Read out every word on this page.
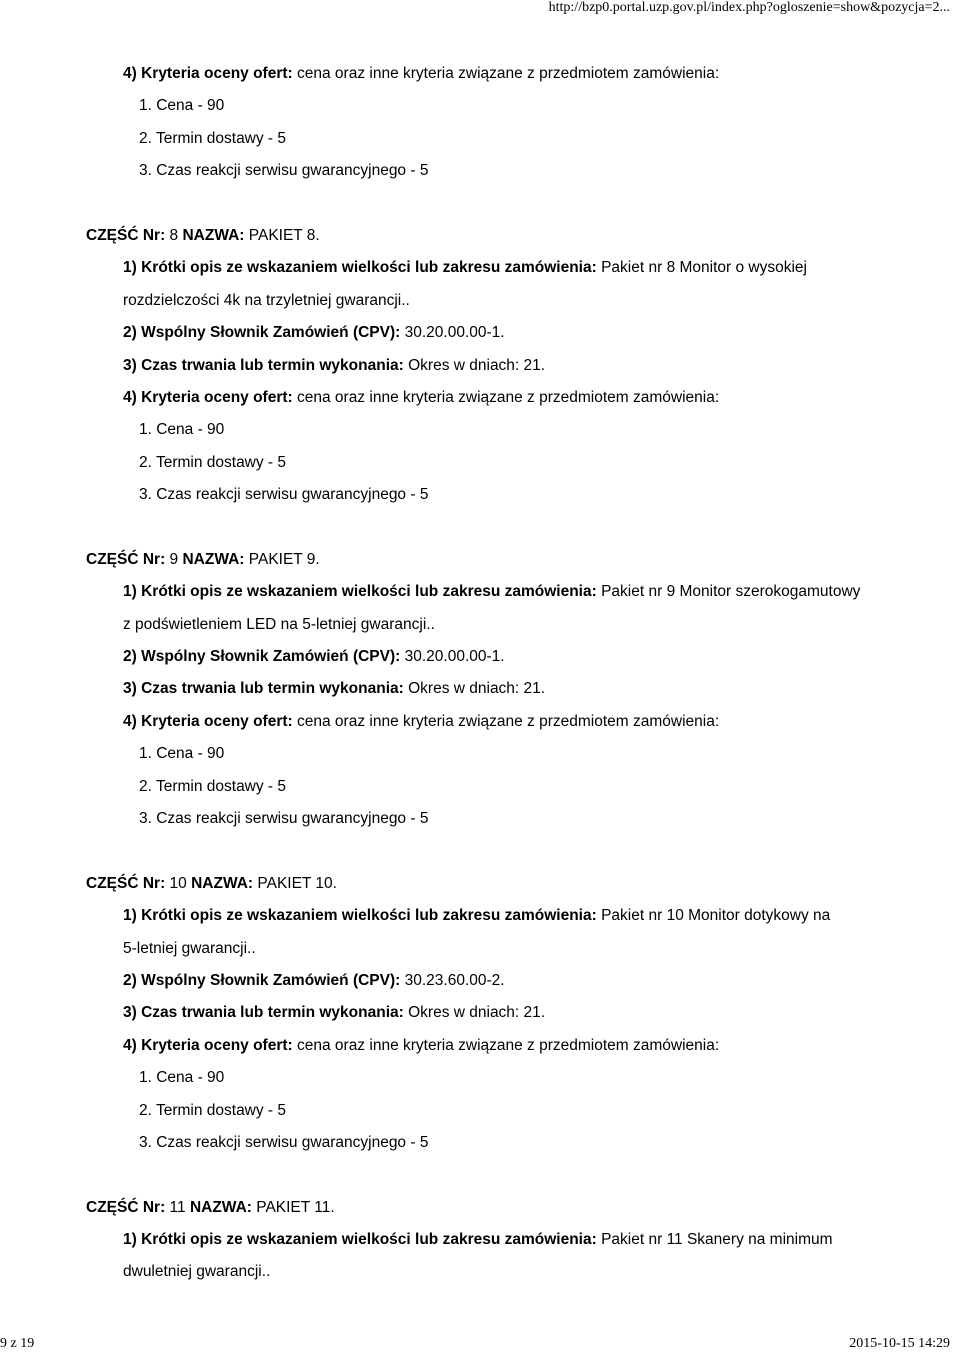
http://bzp0.portal.uzp.gov.pl/index.php?ogloszenie=show&pozycja=2...
4) Kryteria oceny ofert: cena oraz inne kryteria związane z przedmiotem zamówienia:
1. Cena - 90
2. Termin dostawy - 5
3. Czas reakcji serwisu gwarancyjnego - 5
CZĘŚĆ Nr: 8 NAZWA: PAKIET 8.
1) Krótki opis ze wskazaniem wielkości lub zakresu zamówienia: Pakiet nr 8 Monitor o wysokiej
rozdzielczości 4k na trzyletniej gwarancji..
2) Wspólny Słownik Zamówień (CPV): 30.20.00.00-1.
3) Czas trwania lub termin wykonania: Okres w dniach: 21.
4) Kryteria oceny ofert: cena oraz inne kryteria związane z przedmiotem zamówienia:
1. Cena - 90
2. Termin dostawy - 5
3. Czas reakcji serwisu gwarancyjnego - 5
CZĘŚĆ Nr: 9 NAZWA: PAKIET 9.
1) Krótki opis ze wskazaniem wielkości lub zakresu zamówienia: Pakiet nr 9 Monitor szerokogamutowy
z podświetleniem LED na 5-letniej gwarancji..
2) Wspólny Słownik Zamówień (CPV): 30.20.00.00-1.
3) Czas trwania lub termin wykonania: Okres w dniach: 21.
4) Kryteria oceny ofert: cena oraz inne kryteria związane z przedmiotem zamówienia:
1. Cena - 90
2. Termin dostawy - 5
3. Czas reakcji serwisu gwarancyjnego - 5
CZĘŚĆ Nr: 10 NAZWA: PAKIET 10.
1) Krótki opis ze wskazaniem wielkości lub zakresu zamówienia: Pakiet nr 10 Monitor dotykowy na
5-letniej gwarancji..
2) Wspólny Słownik Zamówień (CPV): 30.23.60.00-2.
3) Czas trwania lub termin wykonania: Okres w dniach: 21.
4) Kryteria oceny ofert: cena oraz inne kryteria związane z przedmiotem zamówienia:
1. Cena - 90
2. Termin dostawy - 5
3. Czas reakcji serwisu gwarancyjnego - 5
CZĘŚĆ Nr: 11 NAZWA: PAKIET 11.
1) Krótki opis ze wskazaniem wielkości lub zakresu zamówienia: Pakiet nr 11 Skanery na minimum
dwuletniej gwarancji..
9 z 19	2015-10-15 14:29
